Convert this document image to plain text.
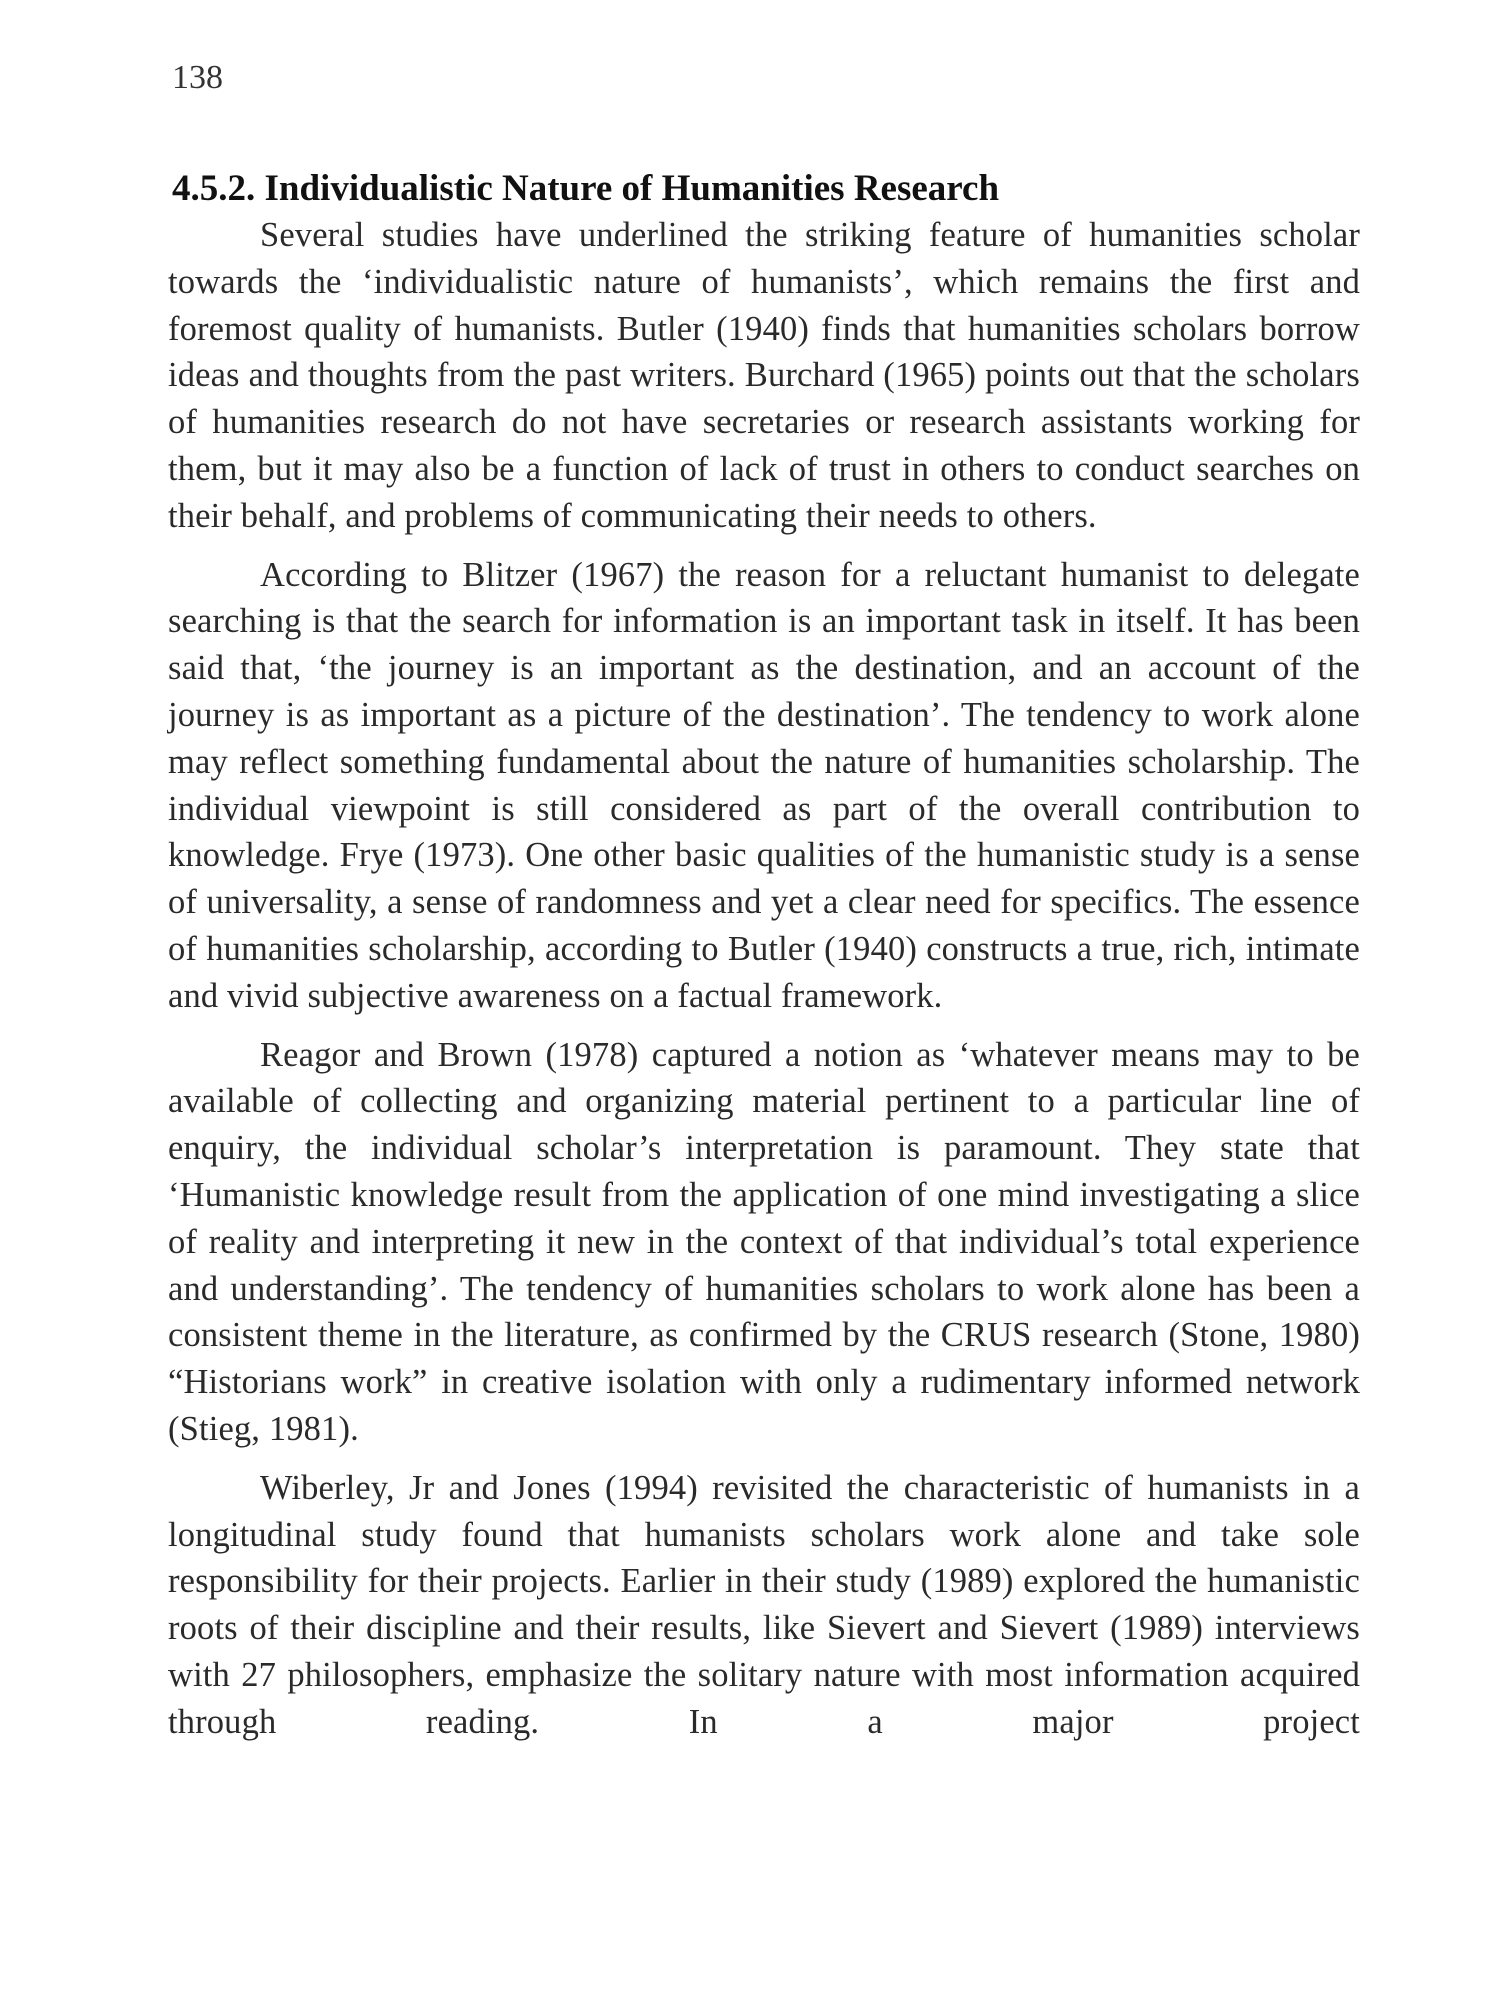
138
4.5.2. Individualistic Nature of Humanities Research

Several studies have underlined the striking feature of humanities scholar towards the ‘individualistic nature of humanists’, which remains the first and foremost quality of humanists. Butler (1940) finds that humanities scholars borrow ideas and thoughts from the past writers. Burchard (1965) points out that the scholars of humanities research do not have secretaries or research assistants working for them, but it may also be a function of lack of trust in others to conduct searches on their behalf, and problems of communicating their needs to others.

According to Blitzer (1967) the reason for a reluctant humanist to delegate searching is that the search for information is an important task in itself. It has been said that, ‘the journey is an important as the destination, and an account of the journey is as important as a picture of the destination’. The tendency to work alone may reflect something fundamental about the nature of humanities scholarship. The individual viewpoint is still considered as part of the overall contribution to knowledge. Frye (1973). One other basic qualities of the humanistic study is a sense of universality, a sense of randomness and yet a clear need for specifics. The essence of humanities scholarship, according to Butler (1940) constructs a true, rich, intimate and vivid subjective awareness on a factual framework.

Reagor and Brown (1978) captured a notion as ‘whatever means may to be available of collecting and organizing material pertinent to a particular line of enquiry, the individual scholar’s interpretation is paramount. They state that ‘Humanistic knowledge result from the application of one mind investigating a slice of reality and interpreting it new in the context of that individual’s total experience and understanding’. The tendency of humanities scholars to work alone has been a consistent theme in the literature, as confirmed by the CRUS research (Stone, 1980) “Historians work” in creative isolation with only a rudimentary informed network (Stieg, 1981).

Wiberley, Jr and Jones (1994) revisited the characteristic of humanists in a longitudinal study found that humanists scholars work alone and take sole responsibility for their projects. Earlier in their study (1989) explored the humanistic roots of their discipline and their results, like Sievert and Sievert (1989) interviews with 27 philosophers, emphasize the solitary nature with most information acquired through reading. In a major project
